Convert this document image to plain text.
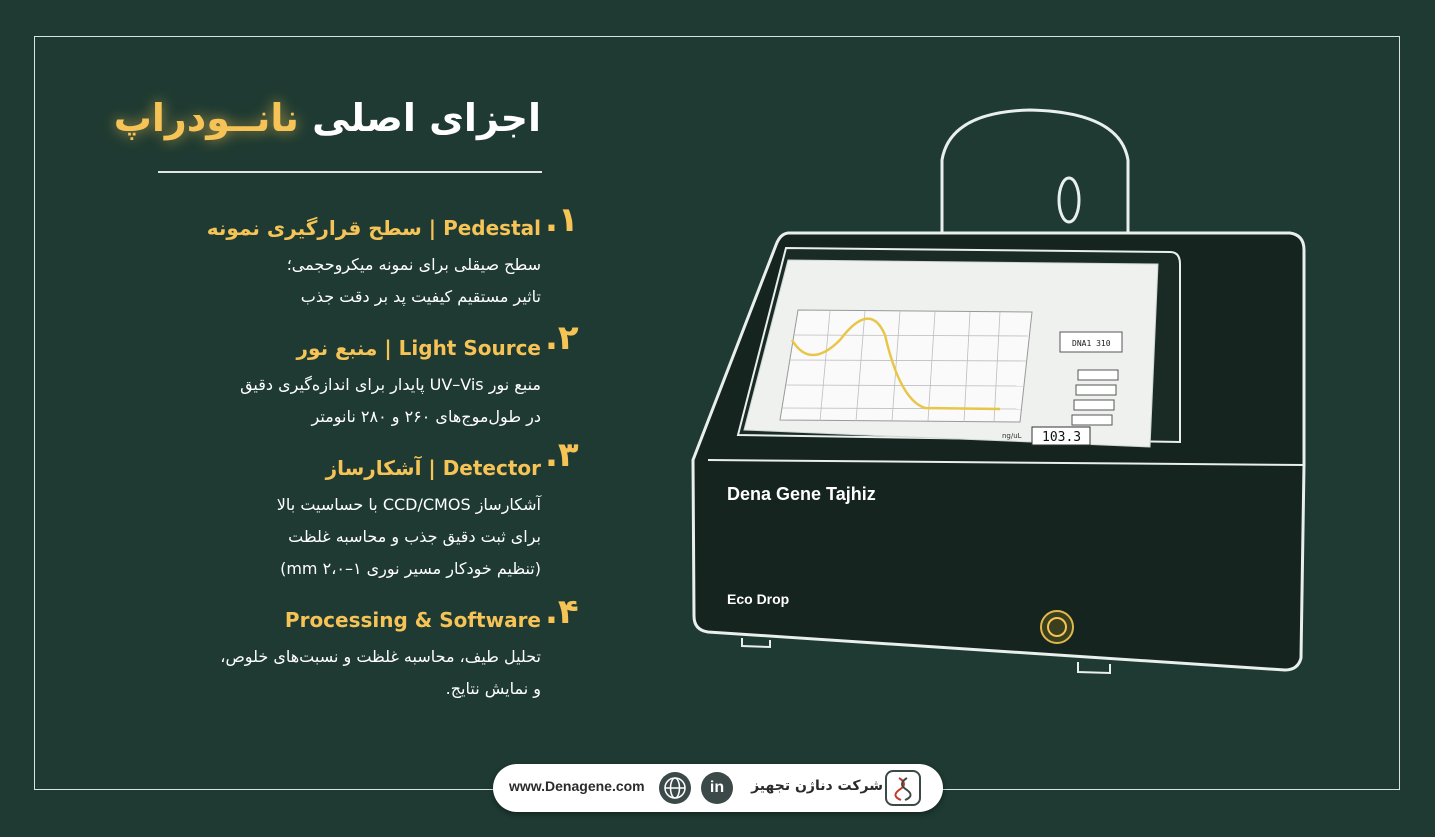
اجزای اصلی نانــودراپ
.۱
Pedestal | سطح قرارگیری نمونه
سطح صیقلی برای نمونه میکروحجمی؛
تاثیر مستقیم کیفیت پد بر دقت جذب
.۲
Light Source | منبع نور
منبع نور UV–Vis پایدار برای اندازه‌گیری دقیق
در طول‌موج‌های ۲۶۰ و ۲۸۰ نانومتر
.۳
Detector | آشکارساز
آشکارساز CCD/CMOS با حساسیت بالا
برای ثبت دقیق جذب و محاسبه غلظت
(تنظیم خودکار مسیر نوری ۱–۲،۰ mm)
.۴
Processing & Software
تحلیل طیف، محاسبه غلظت و نسبت‌های خلوص،
و نمایش نتایج.
DNA1 310
103.3
ng/uL
Dena Gene Tajhiz
Eco Drop
www.Denagene.com	in	شرکت دناژن تجهیز
